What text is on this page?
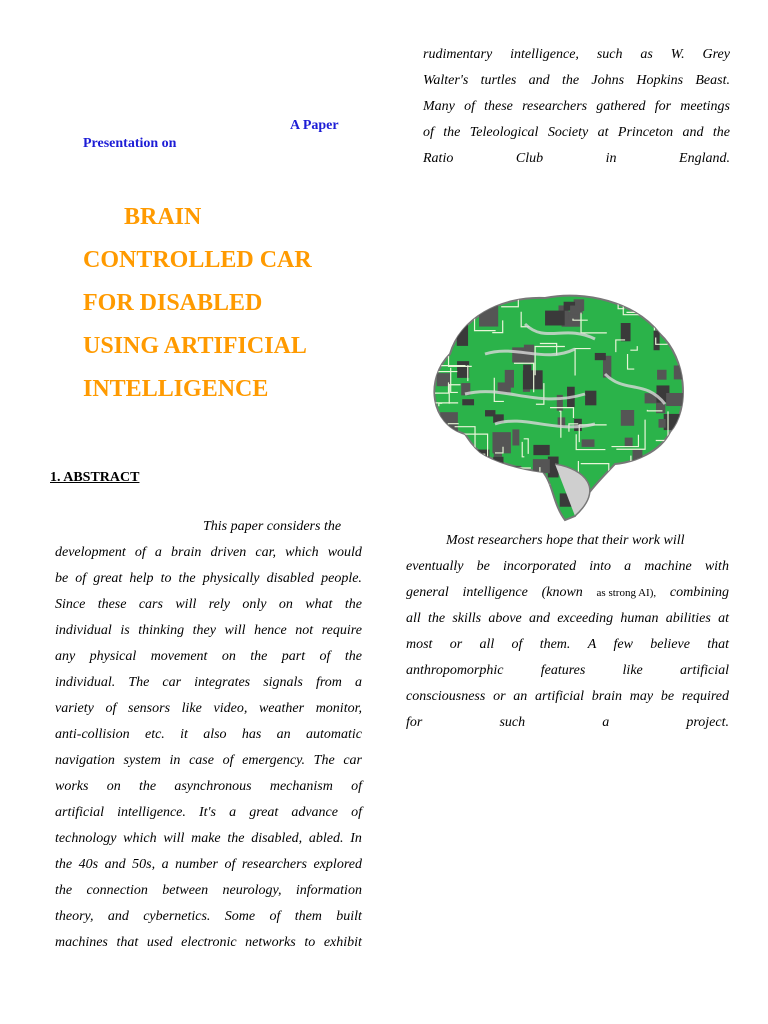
A Paper
Presentation on
BRAIN
CONTROLLED CAR
FOR DISABLED
USING ARTIFICIAL
INTELLIGENCE
1. ABSTRACT
rudimentary intelligence, such as W. Grey
Walter's turtles and the Johns Hopkins Beast.
Many of these researchers gathered for meetings
of the Teleological Society at Princeton and the
Ratio	Club	in	England.
This paper considers the
development of a brain driven car, which would
be of great help to the physically disabled people.
Since these cars will rely only on what the
individual is thinking they will hence not require
any physical movement on the part of the
individual. The car integrates signals from a
variety of sensors like video, weather monitor,
anti-collision etc. it also has an automatic
navigation system in case of emergency. The car
works on the asynchronous mechanism of
artificial intelligence. It's a great advance of
technology which will make the disabled, abled. In
the 40s and 50s, a number of researchers explored
the connection between neurology, information
theory, and cybernetics. Some of them built
machines that used electronic networks to exhibit
Most researchers hope that their work will
eventually be incorporated into a machine with
general intelligence (known as strong AI), combining
all the skills above and exceeding human abilities at
most or all of them. A few believe that
anthropomorphic	features	like	artificial
consciousness or an artificial brain may be required
for	such	a	project.
